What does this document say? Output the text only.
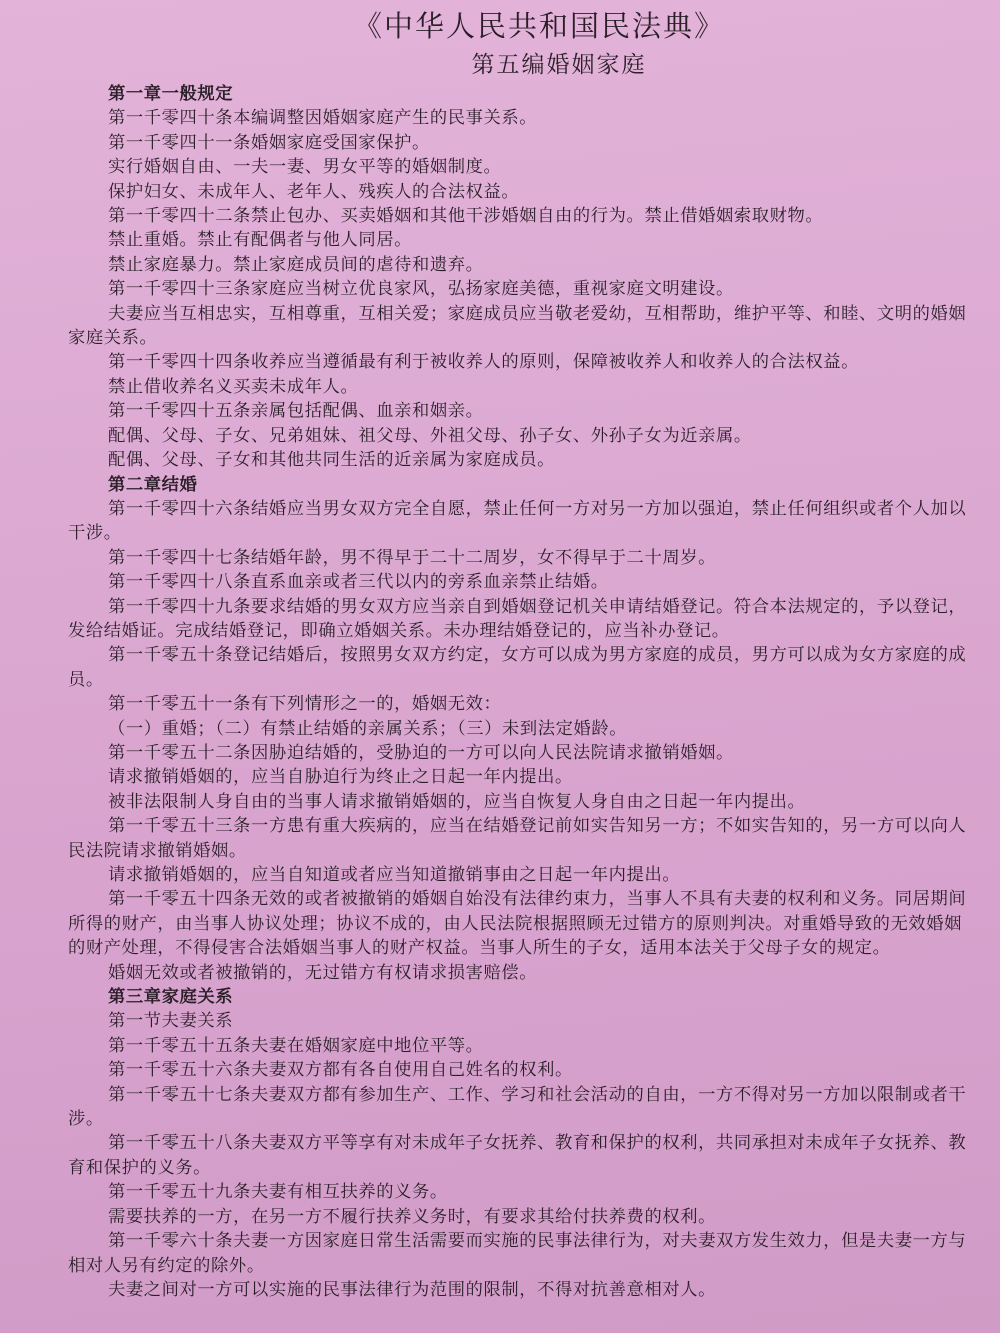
《中华人民共和国民法典》
第五编婚姻家庭
第一章一般规定
第一千零四十条本编调整因婚姻家庭产生的民事关系。
第一千零四十一条婚姻家庭受国家保护。
实行婚姻自由、一夫一妻、男女平等的婚姻制度。
保护妇女、未成年人、老年人、残疾人的合法权益。
第一千零四十二条禁止包办、买卖婚姻和其他干涉婚姻自由的行为。禁止借婚姻索取财物。
禁止重婚。禁止有配偶者与他人同居。
禁止家庭暴力。禁止家庭成员间的虐待和遗弃。
第一千零四十三条家庭应当树立优良家风，弘扬家庭美德，重视家庭文明建设。
夫妻应当互相忠实，互相尊重，互相关爱；家庭成员应当敬老爱幼，互相帮助，维护平等、和睦、文明的婚姻家庭关系。
第一千零四十四条收养应当遵循最有利于被收养人的原则，保障被收养人和收养人的合法权益。
禁止借收养名义买卖未成年人。
第一千零四十五条亲属包括配偶、血亲和姻亲。
配偶、父母、子女、兄弟姐妹、祖父母、外祖父母、孙子女、外孙子女为近亲属。
配偶、父母、子女和其他共同生活的近亲属为家庭成员。
第二章结婚
第一千零四十六条结婚应当男女双方完全自愿，禁止任何一方对另一方加以强迫，禁止任何组织或者个人加以干涉。
第一千零四十七条结婚年龄，男不得早于二十二周岁，女不得早于二十周岁。
第一千零四十八条直系血亲或者三代以内的旁系血亲禁止结婚。
第一千零四十九条要求结婚的男女双方应当亲自到婚姻登记机关申请结婚登记。符合本法规定的，予以登记，发给结婚证。完成结婚登记，即确立婚姻关系。未办理结婚登记的，应当补办登记。
第一千零五十条登记结婚后，按照男女双方约定，女方可以成为男方家庭的成员，男方可以成为女方家庭的成员。
第一千零五十一条有下列情形之一的，婚姻无效：
（一）重婚；（二）有禁止结婚的亲属关系；（三）未到法定婚龄。
第一千零五十二条因胁迫结婚的，受胁迫的一方可以向人民法院请求撤销婚姻。
请求撤销婚姻的，应当自胁迫行为终止之日起一年内提出。
被非法限制人身自由的当事人请求撤销婚姻的，应当自恢复人身自由之日起一年内提出。
第一千零五十三条一方患有重大疾病的，应当在结婚登记前如实告知另一方；不如实告知的，另一方可以向人民法院请求撤销婚姻。
请求撤销婚姻的，应当自知道或者应当知道撤销事由之日起一年内提出。
第一千零五十四条无效的或者被撤销的婚姻自始没有法律约束力，当事人不具有夫妻的权利和义务。同居期间所得的财产，由当事人协议处理；协议不成的，由人民法院根据照顾无过错方的原则判决。对重婚导致的无效婚姻的财产处理，不得侵害合法婚姻当事人的财产权益。当事人所生的子女，适用本法关于父母子女的规定。
婚姻无效或者被撤销的，无过错方有权请求损害赔偿。
第三章家庭关系
第一节夫妻关系
第一千零五十五条夫妻在婚姻家庭中地位平等。
第一千零五十六条夫妻双方都有各自使用自己姓名的权利。
第一千零五十七条夫妻双方都有参加生产、工作、学习和社会活动的自由，一方不得对另一方加以限制或者干涉。
第一千零五十八条夫妻双方平等享有对未成年子女抚养、教育和保护的权利，共同承担对未成年子女抚养、教育和保护的义务。
第一千零五十九条夫妻有相互扶养的义务。
需要扶养的一方，在另一方不履行扶养义务时，有要求其给付扶养费的权利。
第一千零六十条夫妻一方因家庭日常生活需要而实施的民事法律行为，对夫妻双方发生效力，但是夫妻一方与相对人另有约定的除外。
夫妻之间对一方可以实施的民事法律行为范围的限制，不得对抗善意相对人。
